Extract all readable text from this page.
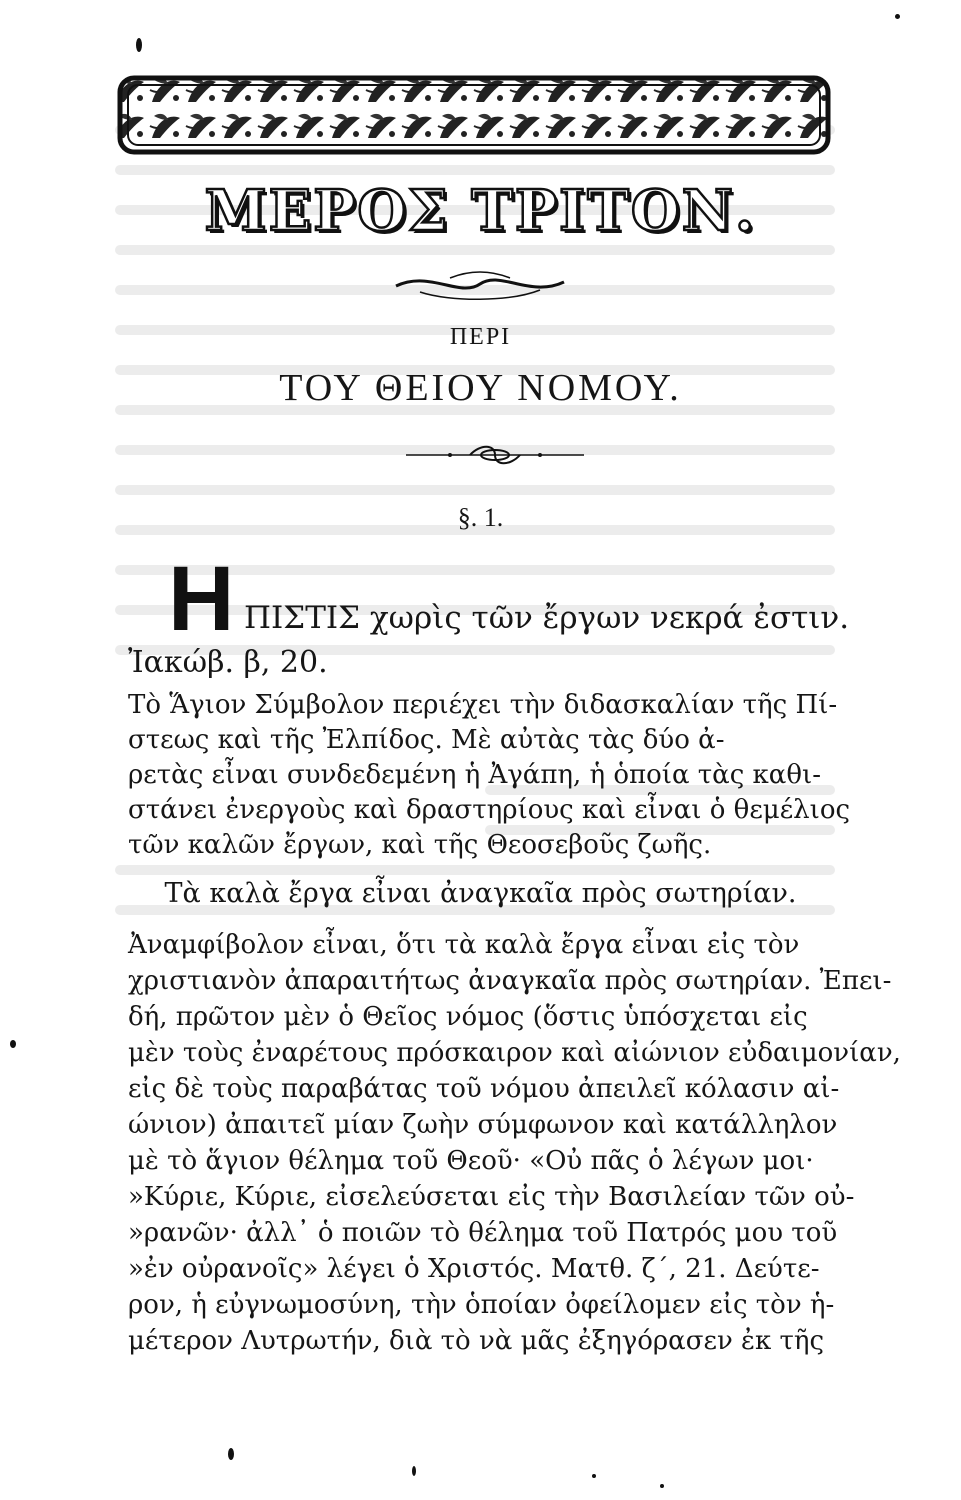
ΜΕΡΟΣ ΤΡΙΤΟΝ.
ΠΕΡΙ
ΤΟΥ ΘΕΙΟΥ ΝΟΜΟΥ.
§. 1.
Η ΠΙΣΤΙΣ χωρὶς τῶν ἔργων νεκρά ἐστιν.
Ἰακώβ. β, 20.
Τὸ Ἅγιον Σύμβολον περιέχει τὴν διδασκαλίαν τῆς Πί-
στεως καὶ τῆς Ἐλπίδος. Μὲ αὐτὰς τὰς δύο ἀ-
ρετὰς εἶναι συνδεδεμένη ἡ Ἀγάπη, ἡ ὁποία τὰς καθι-
στάνει ἐνεργοὺς καὶ δραστηρίους καὶ εἶναι ὁ θεμέλιος
τῶν καλῶν ἔργων, καὶ τῆς Θεοσεβοῦς ζωῆς.
Τὰ καλὰ ἔργα εἶναι ἀναγκαῖα πρὸς σωτηρίαν.
Ἀναμφίβολον εἶναι, ὅτι τὰ καλὰ ἔργα εἶναι εἰς τὸν
χριστιανὸν ἀπαραιτήτως ἀναγκαῖα πρὸς σωτηρίαν. Ἐπει-
δή, πρῶτον μὲν ὁ Θεῖος νόμος (ὅστις ὑπόσχεται εἰς
μὲν τοὺς ἐναρέτους πρόσκαιρον καὶ αἰώνιον εὐδαιμονίαν,
εἰς δὲ τοὺς παραβάτας τοῦ νόμου ἀπειλεῖ κόλασιν αἰ-
ώνιον) ἀπαιτεῖ μίαν ζωὴν σύμφωνον καὶ κατάλληλον
μὲ τὸ ἅγιον θέλημα τοῦ Θεοῦ· «Οὐ πᾶς ὁ λέγων μοι·
»Κύριε, Κύριε, εἰσελεύσεται εἰς τὴν Βασιλείαν τῶν οὐ-
»ρανῶν· ἀλλ᾽ ὁ ποιῶν τὸ θέλημα τοῦ Πατρός μου τοῦ
»ἐν οὐρανοῖς» λέγει ὁ Χριστός. Ματθ. ζ΄, 21. Δεύτε-
ρον, ἡ εὐγνωμοσύνη, τὴν ὁποίαν ὀφείλομεν εἰς τὸν ἡ-
μέτερον Λυτρωτήν, διὰ τὸ νὰ μᾶς ἐξηγόρασεν ἐκ τῆς
